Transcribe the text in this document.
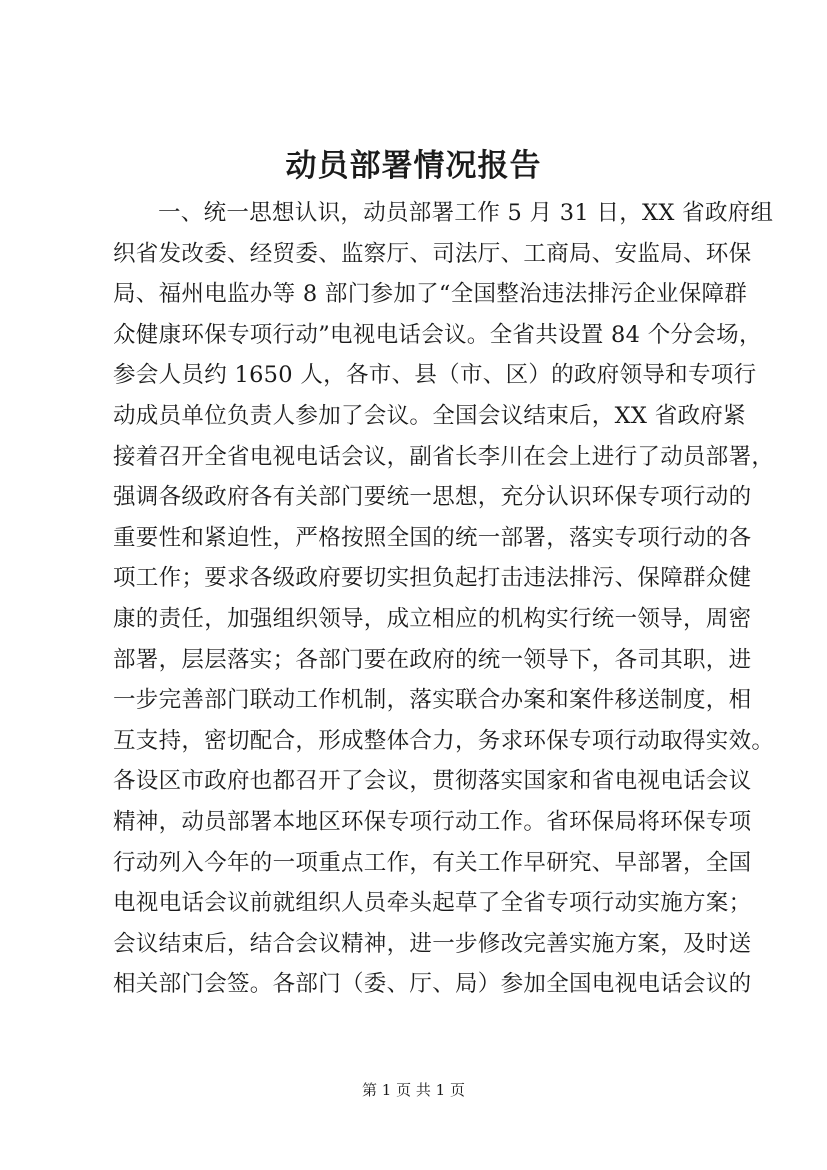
动员部署情况报告
一、统一思想认识，动员部署工作 5 月 31 日，XX 省政府组
织省发改委、经贸委、监察厅、司法厅、工商局、安监局、环保
局、福州电监办等 8 部门参加了“全国整治违法排污企业保障群
众健康环保专项行动”电视电话会议。全省共设置 84 个分会场，
参会人员约 1650 人，各市、县（市、区）的政府领导和专项行
动成员单位负责人参加了会议。全国会议结束后，XX 省政府紧
接着召开全省电视电话会议，副省长李川在会上进行了动员部署，
强调各级政府各有关部门要统一思想，充分认识环保专项行动的
重要性和紧迫性，严格按照全国的统一部署，落实专项行动的各
项工作；要求各级政府要切实担负起打击违法排污、保障群众健
康的责任，加强组织领导，成立相应的机构实行统一领导，周密
部署，层层落实；各部门要在政府的统一领导下，各司其职，进
一步完善部门联动工作机制，落实联合办案和案件移送制度，相
互支持，密切配合，形成整体合力，务求环保专项行动取得实效。
各设区市政府也都召开了会议，贯彻落实国家和省电视电话会议
精神，动员部署本地区环保专项行动工作。省环保局将环保专项
行动列入今年的一项重点工作，有关工作早研究、早部署，全国
电视电话会议前就组织人员牵头起草了全省专项行动实施方案；
会议结束后，结合会议精神，进一步修改完善实施方案，及时送
相关部门会签。各部门（委、厅、局）参加全国电视电话会议的
第 1 页 共 1 页
